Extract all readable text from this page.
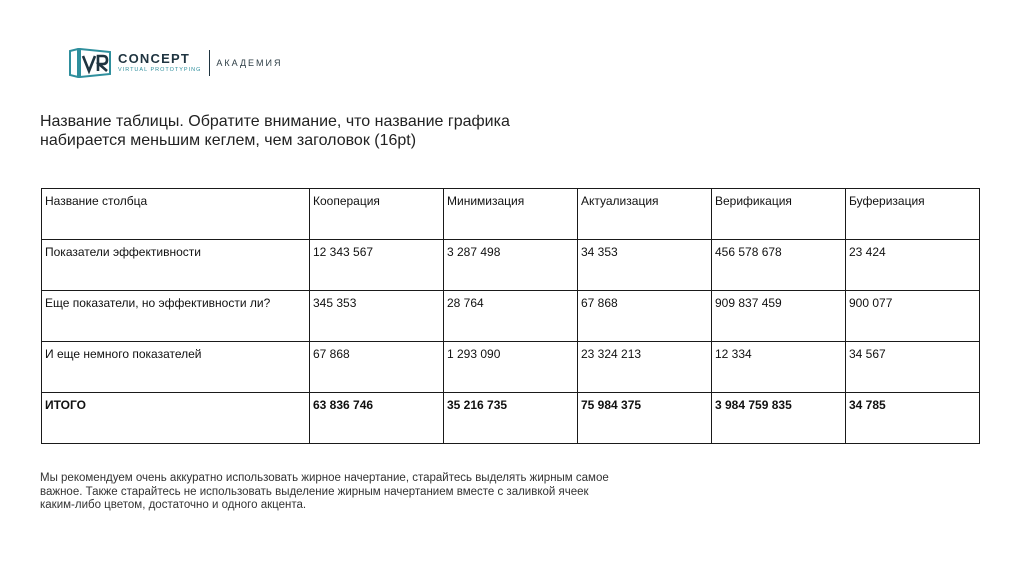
CONCEPT
VIRTUAL PROTOTYPING
АКАДЕМИЯ
Название таблицы. Обратите внимание, что название графика
набирается меньшим кеглем, чем заголовок (16pt)
Название столбца	Кооперация	Минимизация	Актуализация	Верификация	Буферизация
Показатели эффективности	12 343 567	3 287 498	34 353	456 578 678	23 424
Еще показатели, но эффективности ли?	345 353	28 764	67 868	909 837 459	900 077
И еще немного показателей	67 868	1 293 090	23 324 213	12 334	34 567
ИТОГО	63 836 746	35 216 735	75 984 375	3 984 759 835	34 785

Мы рекомендуем очень аккуратно использовать жирное начертание, старайтесь выделять жирным самое
важное. Также старайтесь не использовать выделение жирным начертанием вместе с заливкой ячеек
каким-либо цветом, достаточно и одного акцента.
